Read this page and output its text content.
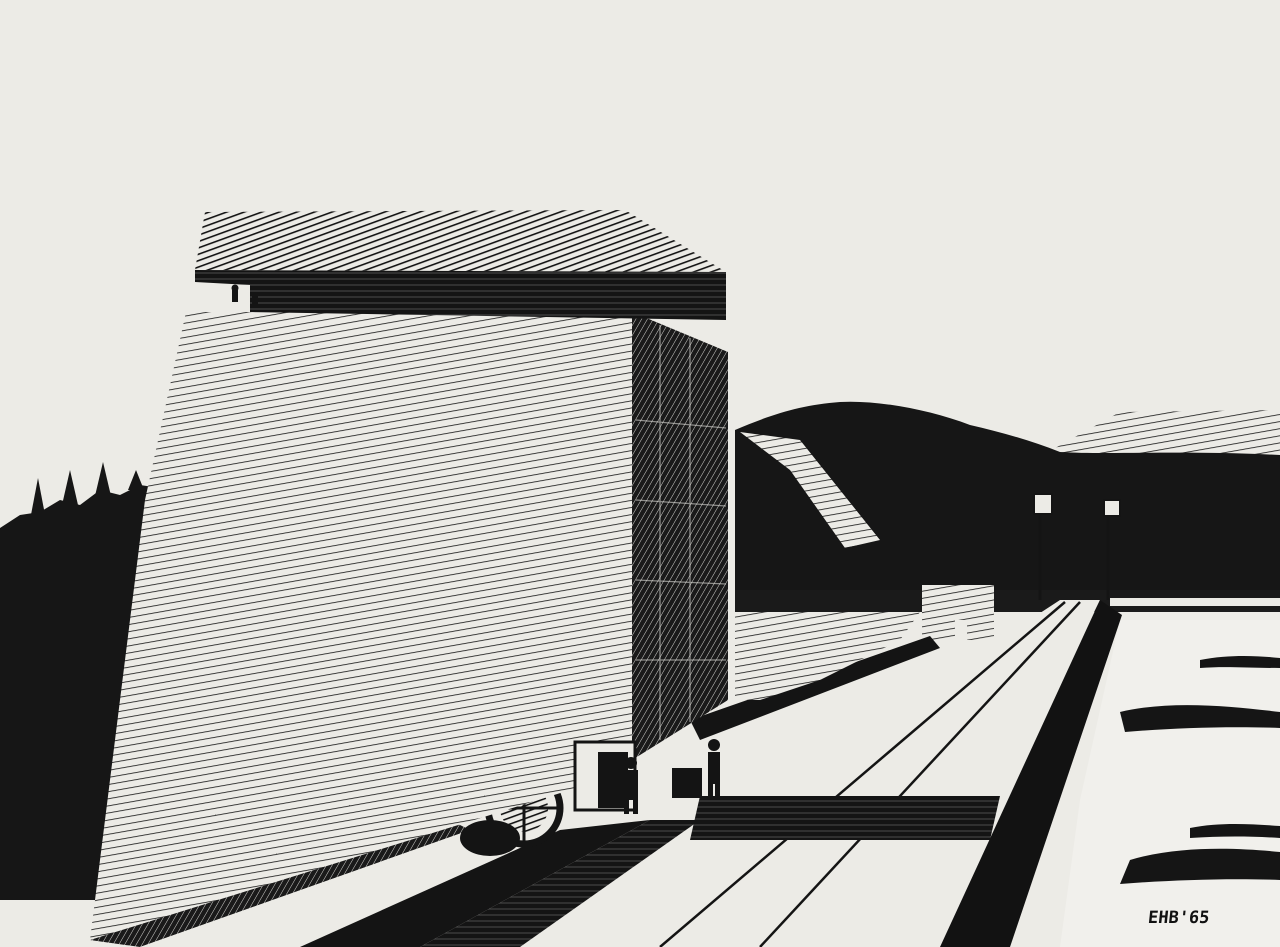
EHB'65
